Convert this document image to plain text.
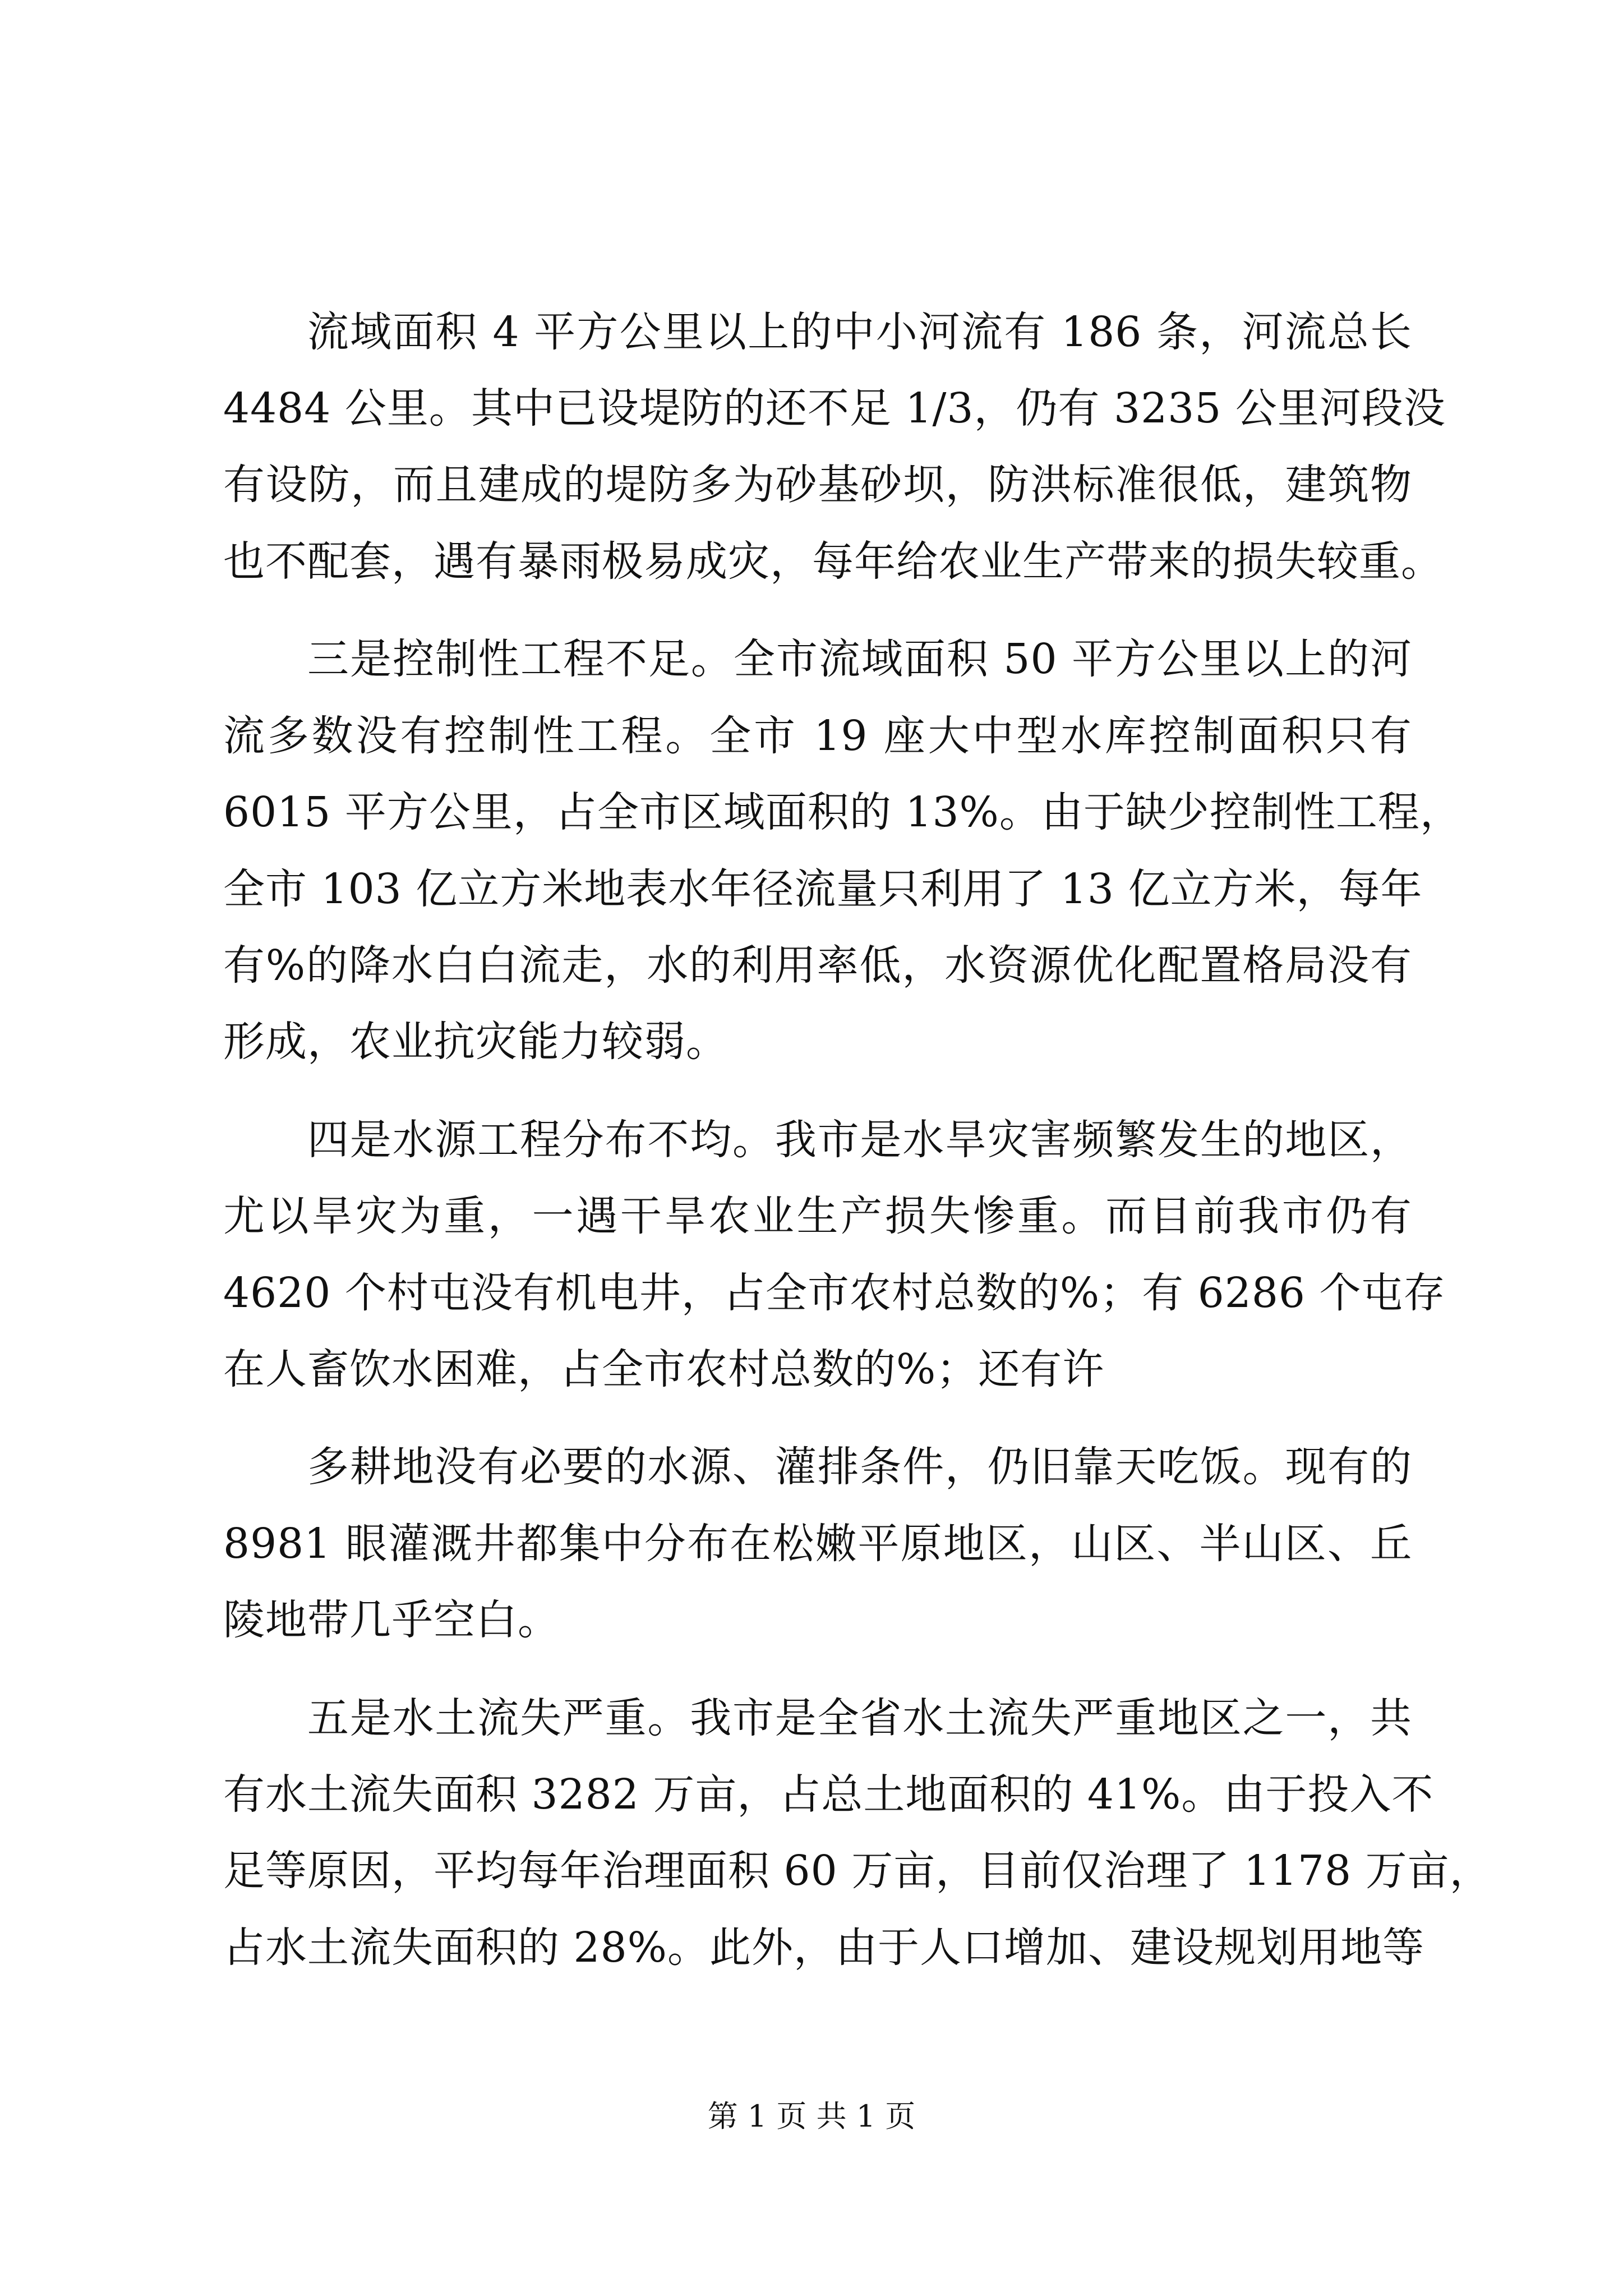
流域面积 4 平方公里以上的中小河流有 186 条，河流总长
4484 公里。其中已设堤防的还不足 1/3，仍有 3235 公里河段没
有设防，而且建成的堤防多为砂基砂坝，防洪标准很低，建筑物
也不配套，遇有暴雨极易成灾，每年给农业生产带来的损失较重。
三是控制性工程不足。全市流域面积 50 平方公里以上的河
流多数没有控制性工程。全市 19 座大中型水库控制面积只有
6015 平方公里，占全市区域面积的 13%。由于缺少控制性工程，
全市 103 亿立方米地表水年径流量只利用了 13 亿立方米，每年
有%的降水白白流走，水的利用率低，水资源优化配置格局没有
形成，农业抗灾能力较弱。
四是水源工程分布不均。我市是水旱灾害频繁发生的地区，
尤以旱灾为重，一遇干旱农业生产损失惨重。而目前我市仍有
4620 个村屯没有机电井，占全市农村总数的%；有 6286 个屯存
在人畜饮水困难，占全市农村总数的%；还有许
多耕地没有必要的水源、灌排条件，仍旧靠天吃饭。现有的
8981 眼灌溉井都集中分布在松嫩平原地区，山区、半山区、丘
陵地带几乎空白。
五是水土流失严重。我市是全省水土流失严重地区之一，共
有水土流失面积 3282 万亩，占总土地面积的 41%。由于投入不
足等原因，平均每年治理面积 60 万亩，目前仅治理了 1178 万亩，
占水土流失面积的 28%。此外，由于人口增加、建设规划用地等
第 1 页 共 1 页
